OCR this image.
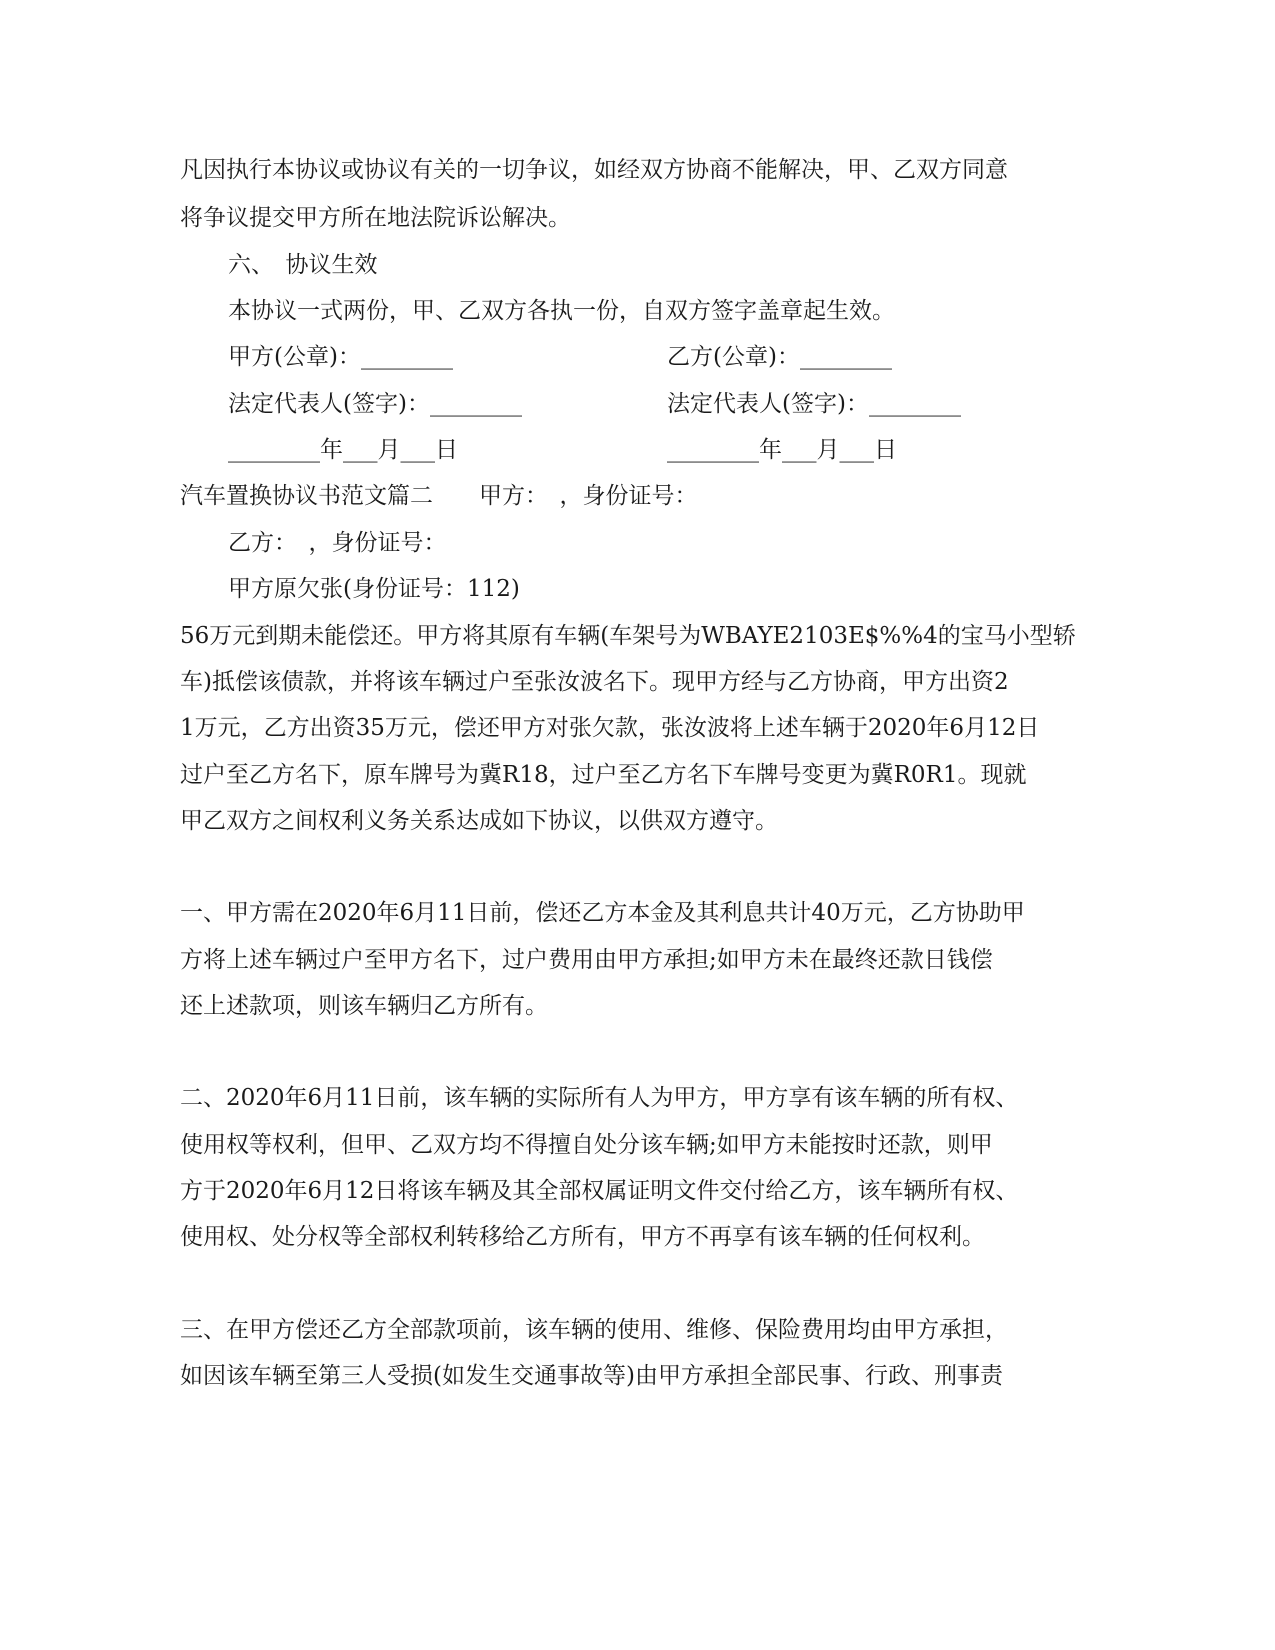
凡因执行本协议或协议有关的一切争议，如经双方协商不能解决，甲、乙双方同意
将争议提交甲方所在地法院诉讼解决。
六、　协议生效
本协议一式两份，甲、乙双方各执一份，自双方签字盖章起生效。
甲方(公章)：________	乙方(公章)：________
法定代表人(签字)：________	法定代表人(签字)：________
________年___月___日	________年___月___日
汽车置换协议书范文篇二　　甲方：　，身份证号：
乙方：　，身份证号：
甲方原欠张(身份证号：112)
56万元到期未能偿还。甲方将其原有车辆(车架号为WBAYE2103E$%%4的宝马小型轿
车)抵偿该债款，并将该车辆过户至张汝波名下。现甲方经与乙方协商，甲方出资2
1万元，乙方出资35万元，偿还甲方对张欠款，张汝波将上述车辆于2020年6月12日
过户至乙方名下，原车牌号为冀R18，过户至乙方名下车牌号变更为冀R0R1。现就
甲乙双方之间权利义务关系达成如下协议，以供双方遵守。
一、甲方需在2020年6月11日前，偿还乙方本金及其利息共计40万元，乙方协助甲
方将上述车辆过户至甲方名下，过户费用由甲方承担;如甲方未在最终还款日钱偿
还上述款项，则该车辆归乙方所有。
二、2020年6月11日前，该车辆的实际所有人为甲方，甲方享有该车辆的所有权、
使用权等权利，但甲、乙双方均不得擅自处分该车辆;如甲方未能按时还款，则甲
方于2020年6月12日将该车辆及其全部权属证明文件交付给乙方，该车辆所有权、
使用权、处分权等全部权利转移给乙方所有，甲方不再享有该车辆的任何权利。
三、在甲方偿还乙方全部款项前，该车辆的使用、维修、保险费用均由甲方承担，
如因该车辆至第三人受损(如发生交通事故等)由甲方承担全部民事、行政、刑事责
